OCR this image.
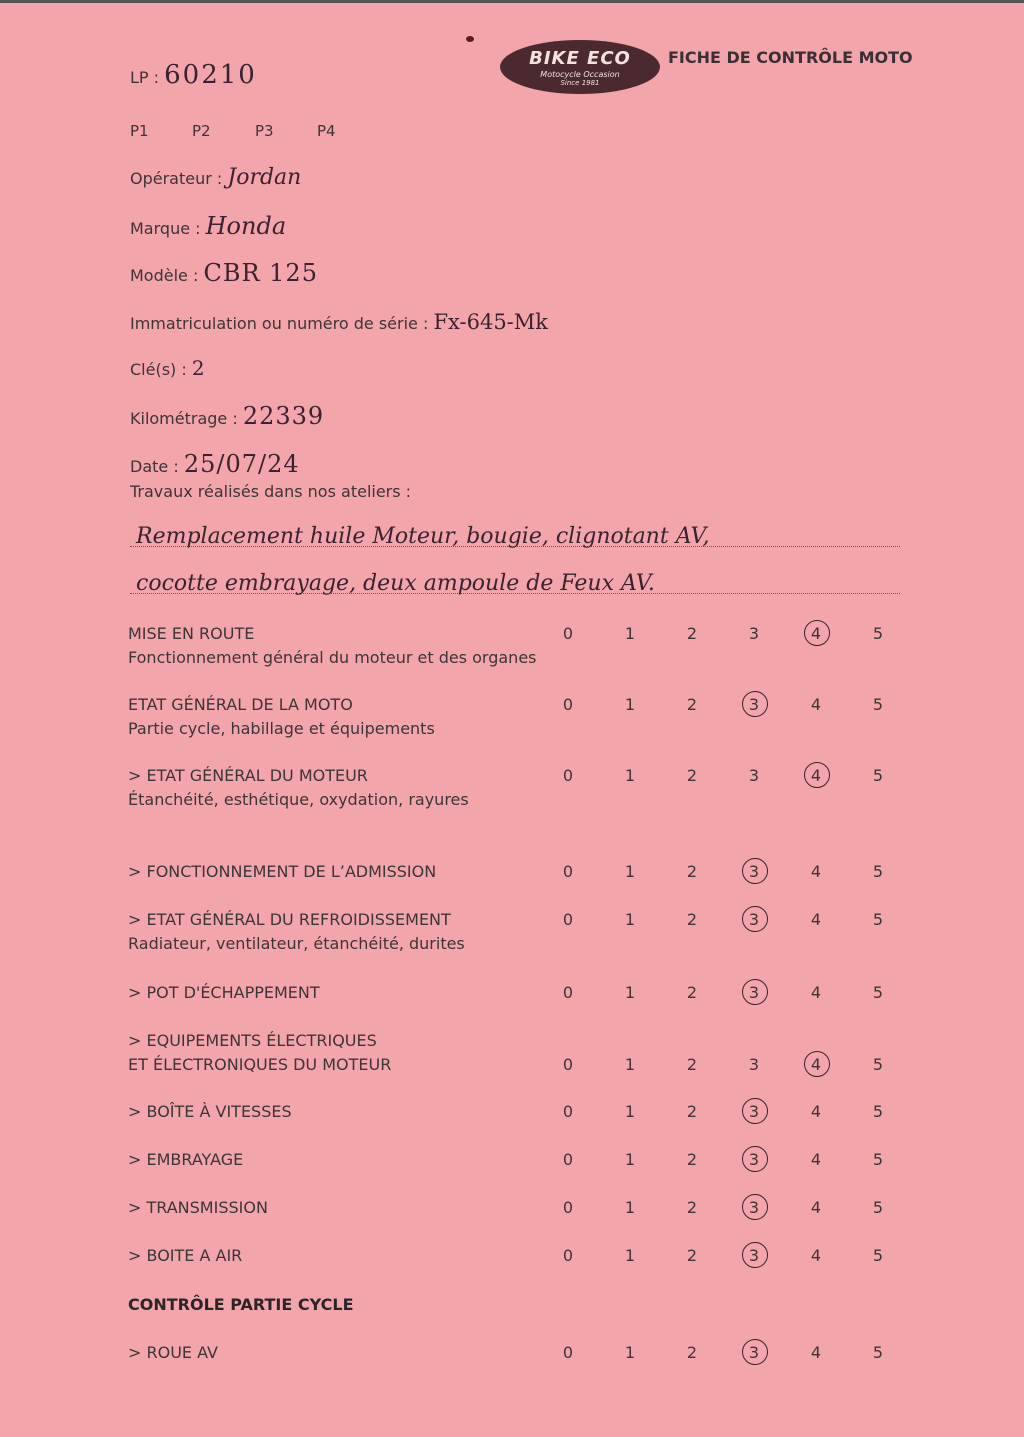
BIKE ECO
Motocycle Occasion
Since 1981
FICHE DE CONTRÔLE MOTO
LP : 60210
P1	P2	P3	P4
Opérateur : Jordan
Marque : Honda
Modèle : CBR 125
Immatriculation ou numéro de série : Fx-645-Mk
Clé(s) : 2
Kilométrage : 22339
Date : 25/07/24
Travaux réalisés dans nos ateliers :
Remplacement huile Moteur, bougie, clignotant AV,
cocotte embrayage, deux ampoule de Feux AV.
MISE EN ROUTE
Fonctionnement général du moteur et des organes
0	1	2	3	4	5
ETAT GÉNÉRAL DE LA MOTO
Partie cycle, habillage et équipements
0	1	2	3	4	5
> ETAT GÉNÉRAL DU MOTEUR
Étanchéité, esthétique, oxydation, rayures
0	1	2	3	4	5
> FONCTIONNEMENT DE L’ADMISSION	0	1	2	3	4	5
> ETAT GÉNÉRAL DU REFROIDISSEMENT
Radiateur, ventilateur, étanchéité, durites
0	1	2	3	4	5
> POT D'ÉCHAPPEMENT	0	1	2	3	4	5
> EQUIPEMENTS ÉLECTRIQUES
ET ÉLECTRONIQUES DU MOTEUR	0	1	2	3	4	5
> BOÎTE À VITESSES	0	1	2	3	4	5
> EMBRAYAGE	0	1	2	3	4	5
> TRANSMISSION	0	1	2	3	4	5
> BOITE A AIR	0	1	2	3	4	5
CONTRÔLE PARTIE CYCLE
> ROUE AV	0	1	2	3	4	5
